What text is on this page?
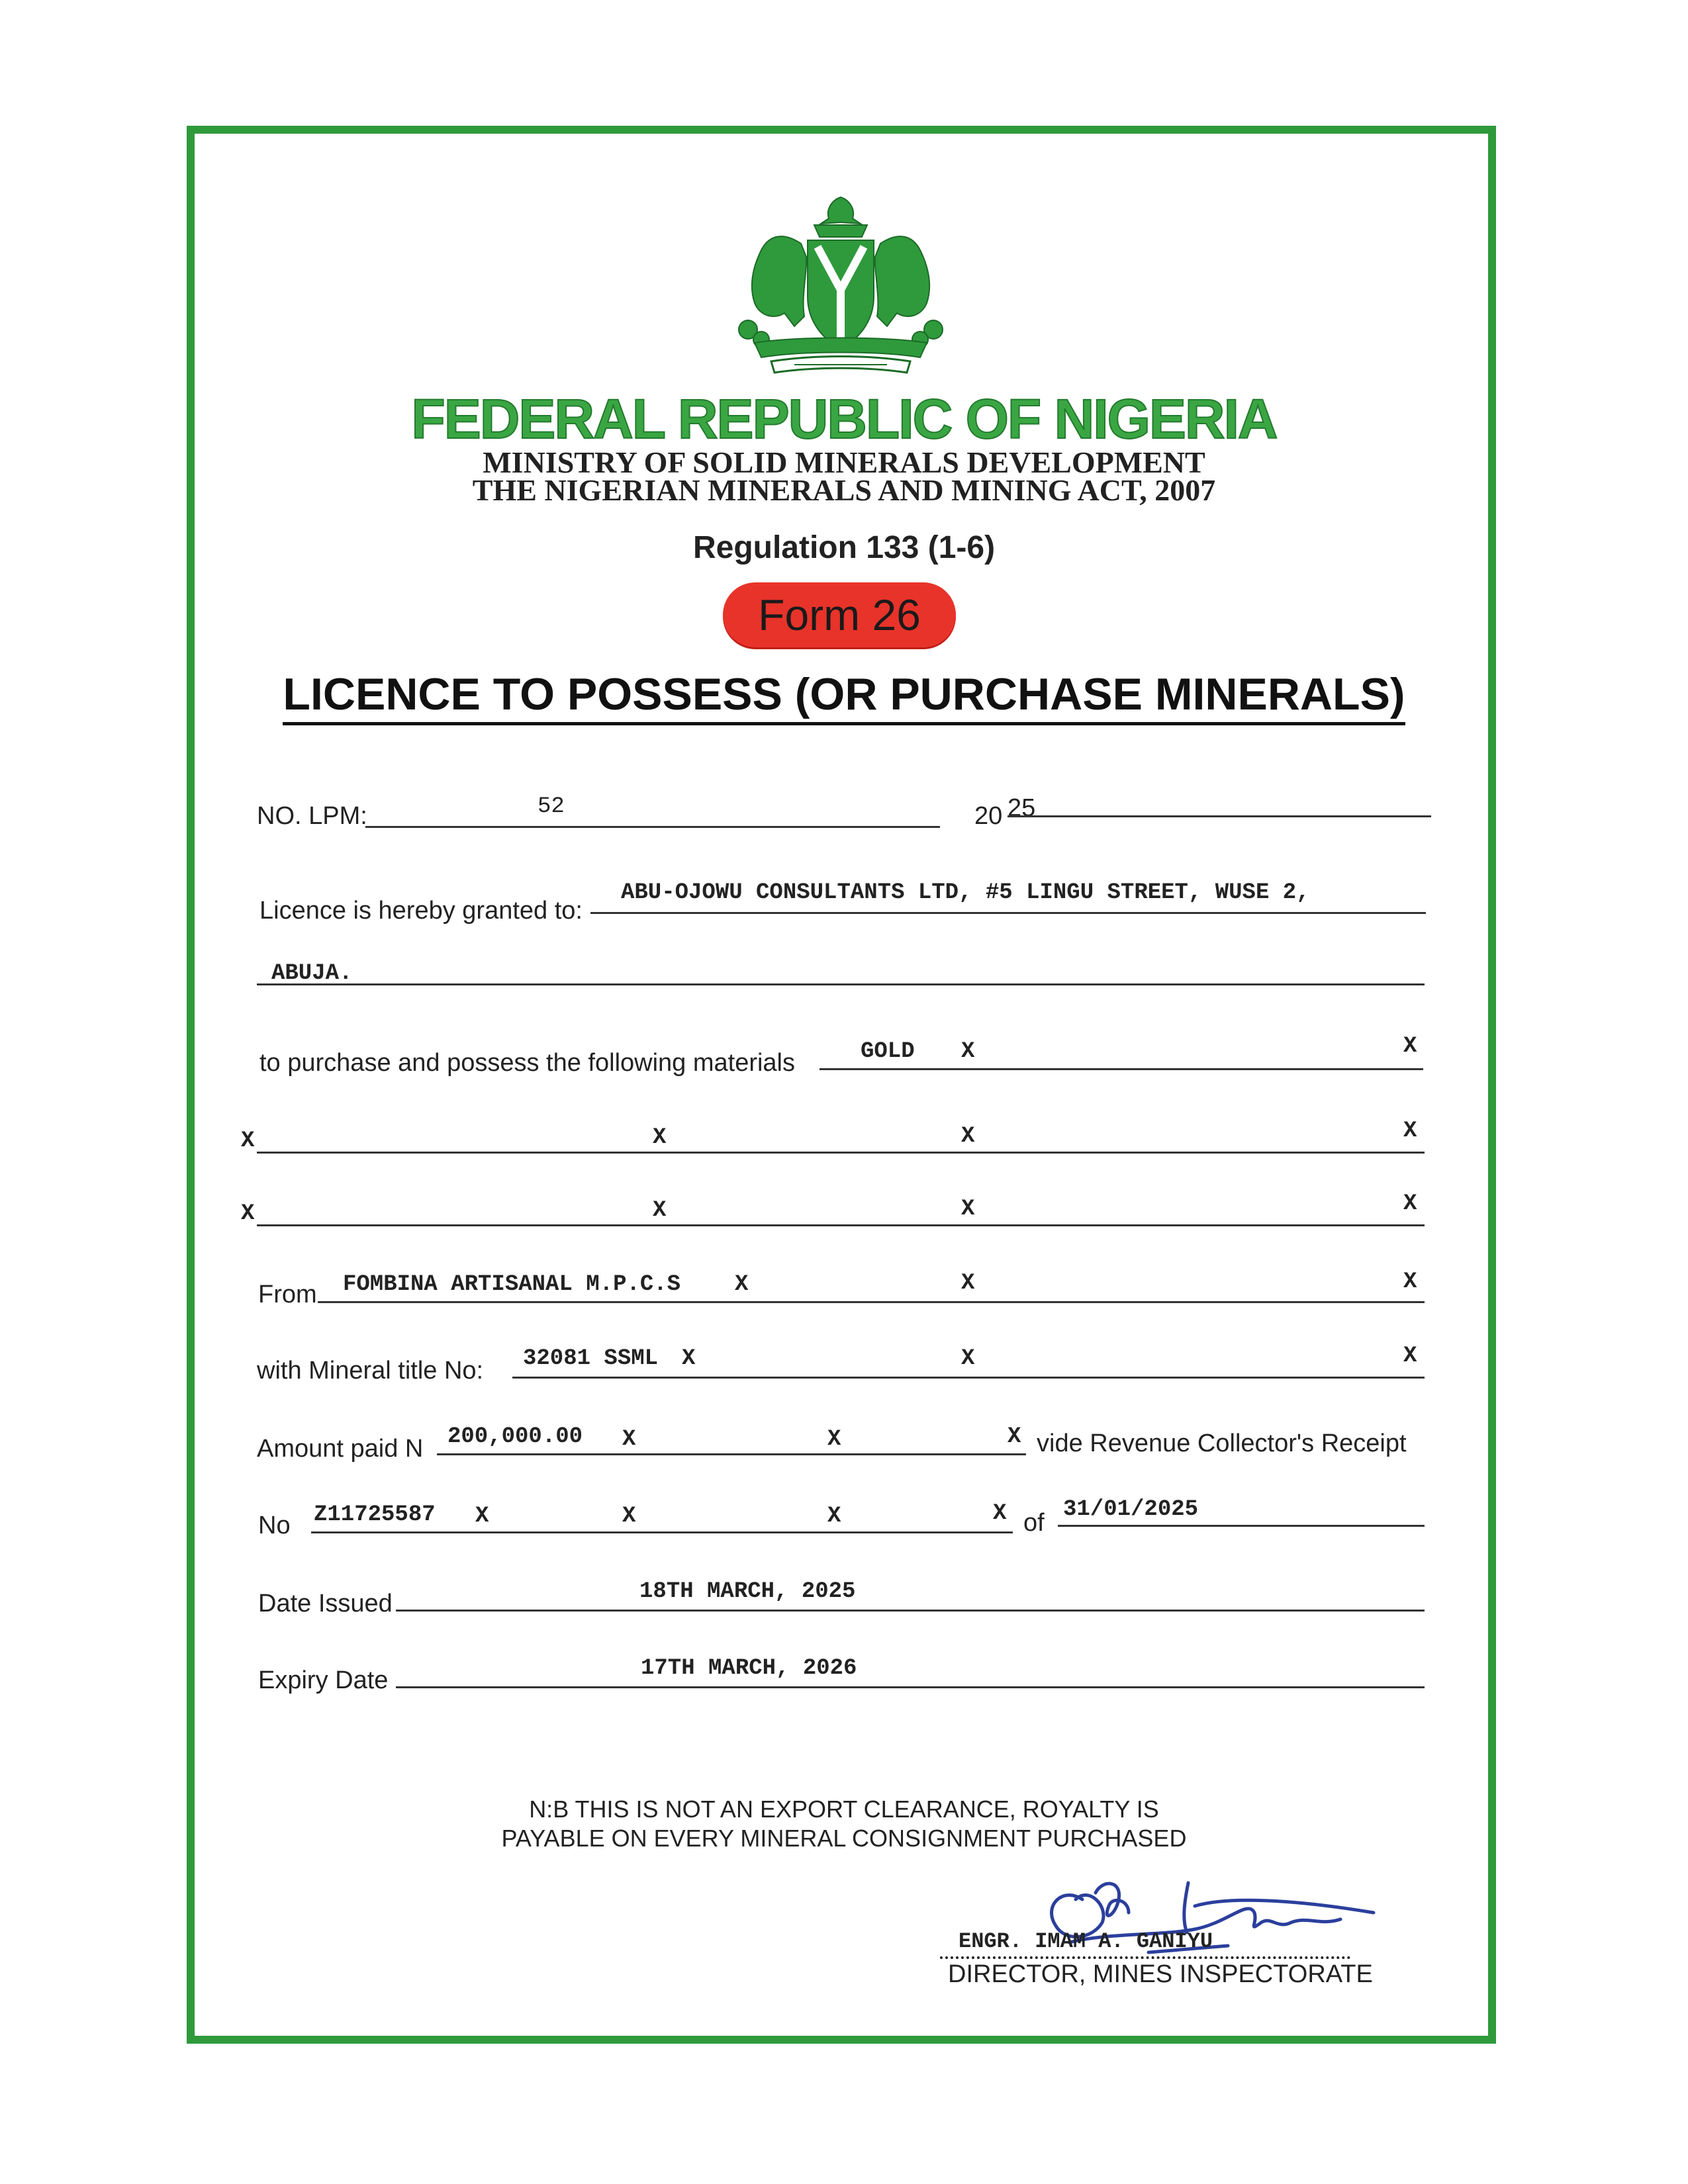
FEDERAL REPUBLIC OF NIGERIA
MINISTRY OF SOLID MINERALS DEVELOPMENT
THE NIGERIAN MINERALS AND MINING ACT, 2007
Regulation 133 (1-6)
Form 26
LICENCE TO POSSESS (OR PURCHASE MINERALS)
NO. LPM:	52	20 25
Licence is hereby granted to:
ABU-OJOWU CONSULTANTS LTD, #5 LINGU STREET, WUSE 2,
ABUJA.
to purchase and possess the following materials	GOLD X	X
X	X	X	X
X	X	X	X
From FOMBINA ARTISANAL M.P.C.S X	X	X
with Mineral title No: 32081 SSML X	X	X
Amount paid N 200,000.00 X	X	X vide Revenue Collector's Receipt
No Z11725587 X	X	X	X of 31/01/2025
Date Issued	18TH MARCH, 2025
Expiry Date	17TH MARCH, 2026
N:B THIS IS NOT AN EXPORT CLEARANCE, ROYALTY IS
PAYABLE ON EVERY MINERAL CONSIGNMENT PURCHASED
ENGR. IMAM A. GANIYU
DIRECTOR, MINES INSPECTORATE
